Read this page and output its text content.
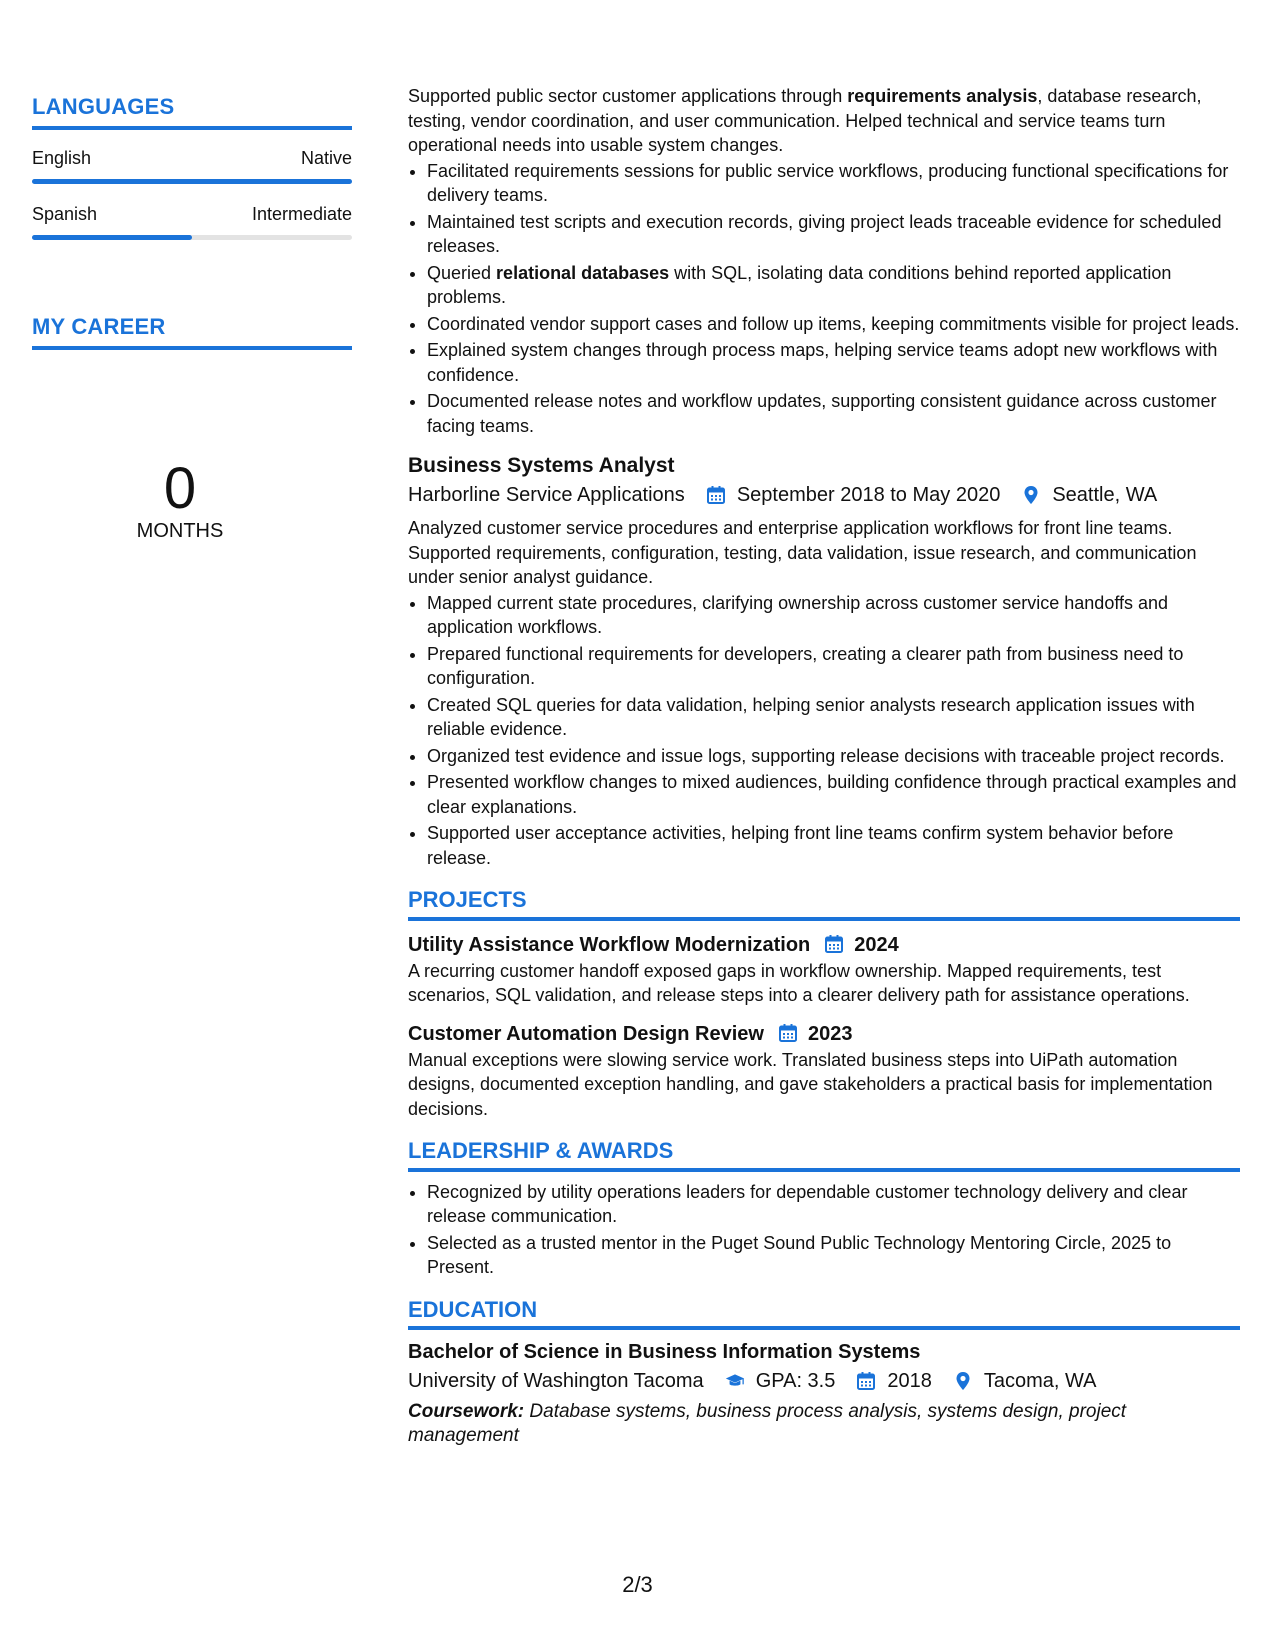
LANGUAGES
English	Native
Spanish	Intermediate
MY CAREER
0
MONTHS

Supported public sector customer applications through requirements analysis, database research, testing, vendor coordination, and user communication. Helped technical and service teams turn operational needs into usable system changes.

• Facilitated requirements sessions for public service workflows, producing functional specifications for delivery teams.
• Maintained test scripts and execution records, giving project leads traceable evidence for scheduled releases.
• Queried relational databases with SQL, isolating data conditions behind reported application problems.
• Coordinated vendor support cases and follow up items, keeping commitments visible for project leads.
• Explained system changes through process maps, helping service teams adopt new workflows with confidence.
• Documented release notes and workflow updates, supporting consistent guidance across customer facing teams.
Business Systems Analyst
Harborline Service Applications	September 2018 to May 2020	Seattle, WA

Analyzed customer service procedures and enterprise application workflows for front line teams. Supported requirements, configuration, testing, data validation, issue research, and communication under senior analyst guidance.

• Mapped current state procedures, clarifying ownership across customer service handoffs and application workflows.
• Prepared functional requirements for developers, creating a clearer path from business need to configuration.
• Created SQL queries for data validation, helping senior analysts research application issues with reliable evidence.
• Organized test evidence and issue logs, supporting release decisions with traceable project records.
• Presented workflow changes to mixed audiences, building confidence through practical examples and clear explanations.
• Supported user acceptance activities, helping front line teams confirm system behavior before release.
PROJECTS
Utility Assistance Workflow Modernization 2024

A recurring customer handoff exposed gaps in workflow ownership. Mapped requirements, test scenarios, SQL validation, and release steps into a clearer delivery path for assistance operations.

Customer Automation Design Review 2023

Manual exceptions were slowing service work. Translated business steps into UiPath automation designs, documented exception handling, and gave stakeholders a practical basis for implementation decisions.

LEADERSHIP & AWARDS
• Recognized by utility operations leaders for dependable customer technology delivery and clear release communication.
• Selected as a trusted mentor in the Puget Sound Public Technology Mentoring Circle, 2025 to Present.
EDUCATION
Bachelor of Science in Business Information Systems
University of Washington Tacoma	GPA: 3.5	2018	Tacoma, WA
Coursework: Database systems, business process analysis, systems design, project management
2/3
